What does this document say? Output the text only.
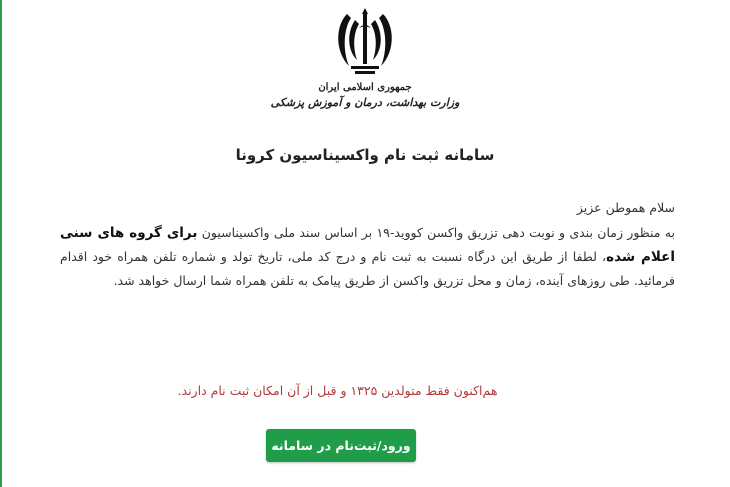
جمهوری اسلامی ایران
وزارت بهداشت، درمان و آموزش پزشکی
سامانه ثبت نام واکسیناسیون کرونا

سلام هموطن عزیز

به منظور زمان بندی و نوبت دهی تزریق واکسن کووید-۱۹ بر اساس سند ملی واکسیناسیون برای گروه های سنی اعلام شده، لطفا از طریق این درگاه نسبت به ثبت نام و درج کد ملی، تاریخ تولد و شماره تلفن همراه خود اقدام فرمائید. طی روزهای آینده، زمان و محل تزریق واکسن از طریق پیامک به تلفن همراه شما ارسال خواهد شد.

هم‌اکنون فقط متولدین ۱۳۲۵ و قبل از آن امکان ثبت نام دارند.
ورود/ثبت‌نام در سامانه
